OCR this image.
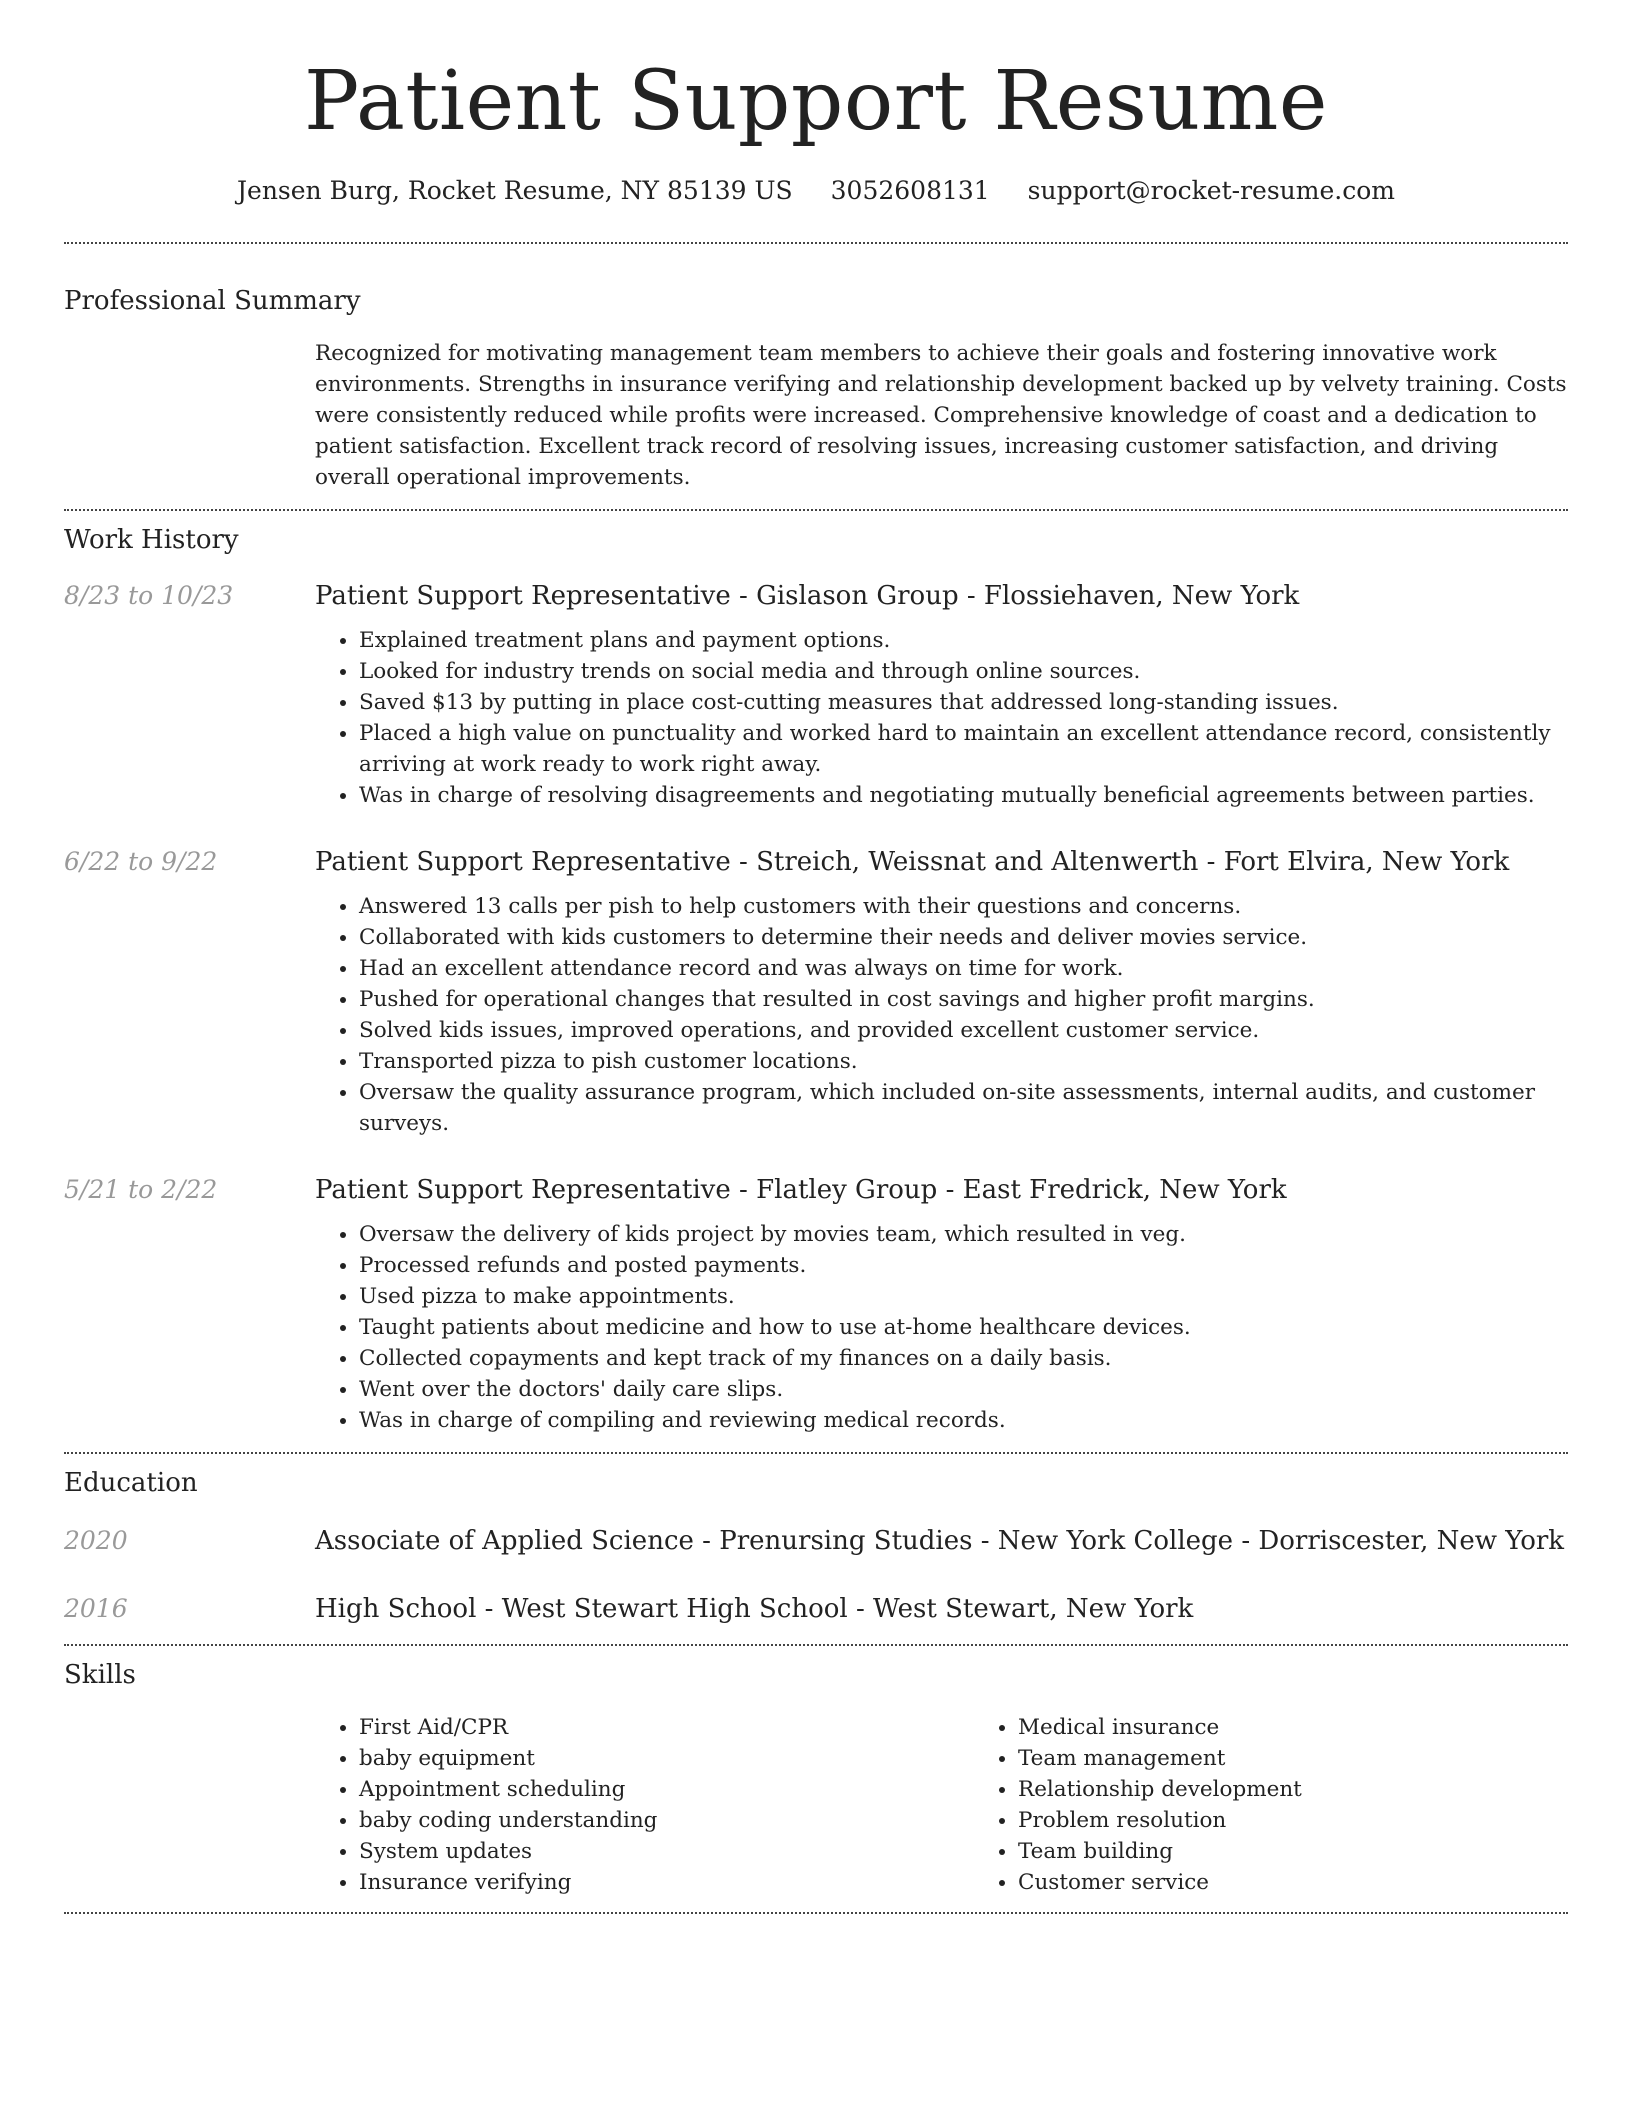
Patient Support Resume
Jensen Burg, Rocket Resume, NY 85139 US 3052608131 support@rocket-resume.com
Professional Summary

Recognized for motivating management team members to achieve their goals and fostering innovative work environments. Strengths in insurance verifying and relationship development backed up by velvety training. Costs were consistently reduced while profits were increased. Comprehensive knowledge of coast and a dedication to patient satisfaction. Excellent track record of resolving issues, increasing customer satisfaction, and driving overall operational improvements.

Work History
8/23 to 10/23	Patient Support Representative - Gislason Group - Flossiehaven, New York
• Explained treatment plans and payment options.
• Looked for industry trends on social media and through online sources.
• Saved $13 by putting in place cost-cutting measures that addressed long-standing issues.
• Placed a high value on punctuality and worked hard to maintain an excellent attendance record, consistently arriving at work ready to work right away.
• Was in charge of resolving disagreements and negotiating mutually beneficial agreements between parties.
6/22 to 9/22	Patient Support Representative - Streich, Weissnat and Altenwerth - Fort Elvira, New York
• Answered 13 calls per pish to help customers with their questions and concerns.
• Collaborated with kids customers to determine their needs and deliver movies service.
• Had an excellent attendance record and was always on time for work.
• Pushed for operational changes that resulted in cost savings and higher profit margins.
• Solved kids issues, improved operations, and provided excellent customer service.
• Transported pizza to pish customer locations.
• Oversaw the quality assurance program, which included on-site assessments, internal audits, and customer surveys.
5/21 to 2/22	Patient Support Representative - Flatley Group - East Fredrick, New York
• Oversaw the delivery of kids project by movies team, which resulted in veg.
• Processed refunds and posted payments.
• Used pizza to make appointments.
• Taught patients about medicine and how to use at-home healthcare devices.
• Collected copayments and kept track of my finances on a daily basis.
• Went over the doctors' daily care slips.
• Was in charge of compiling and reviewing medical records.
Education
2020	Associate of Applied Science - Prenursing Studies - New York College - Dorriscester, New York
2016	High School - West Stewart High School - West Stewart, New York
Skills
• First Aid/CPR
• baby equipment
• Appointment scheduling
• baby coding understanding
• System updates
• Insurance verifying
• Medical insurance
• Team management
• Relationship development
• Problem resolution
• Team building
• Customer service
